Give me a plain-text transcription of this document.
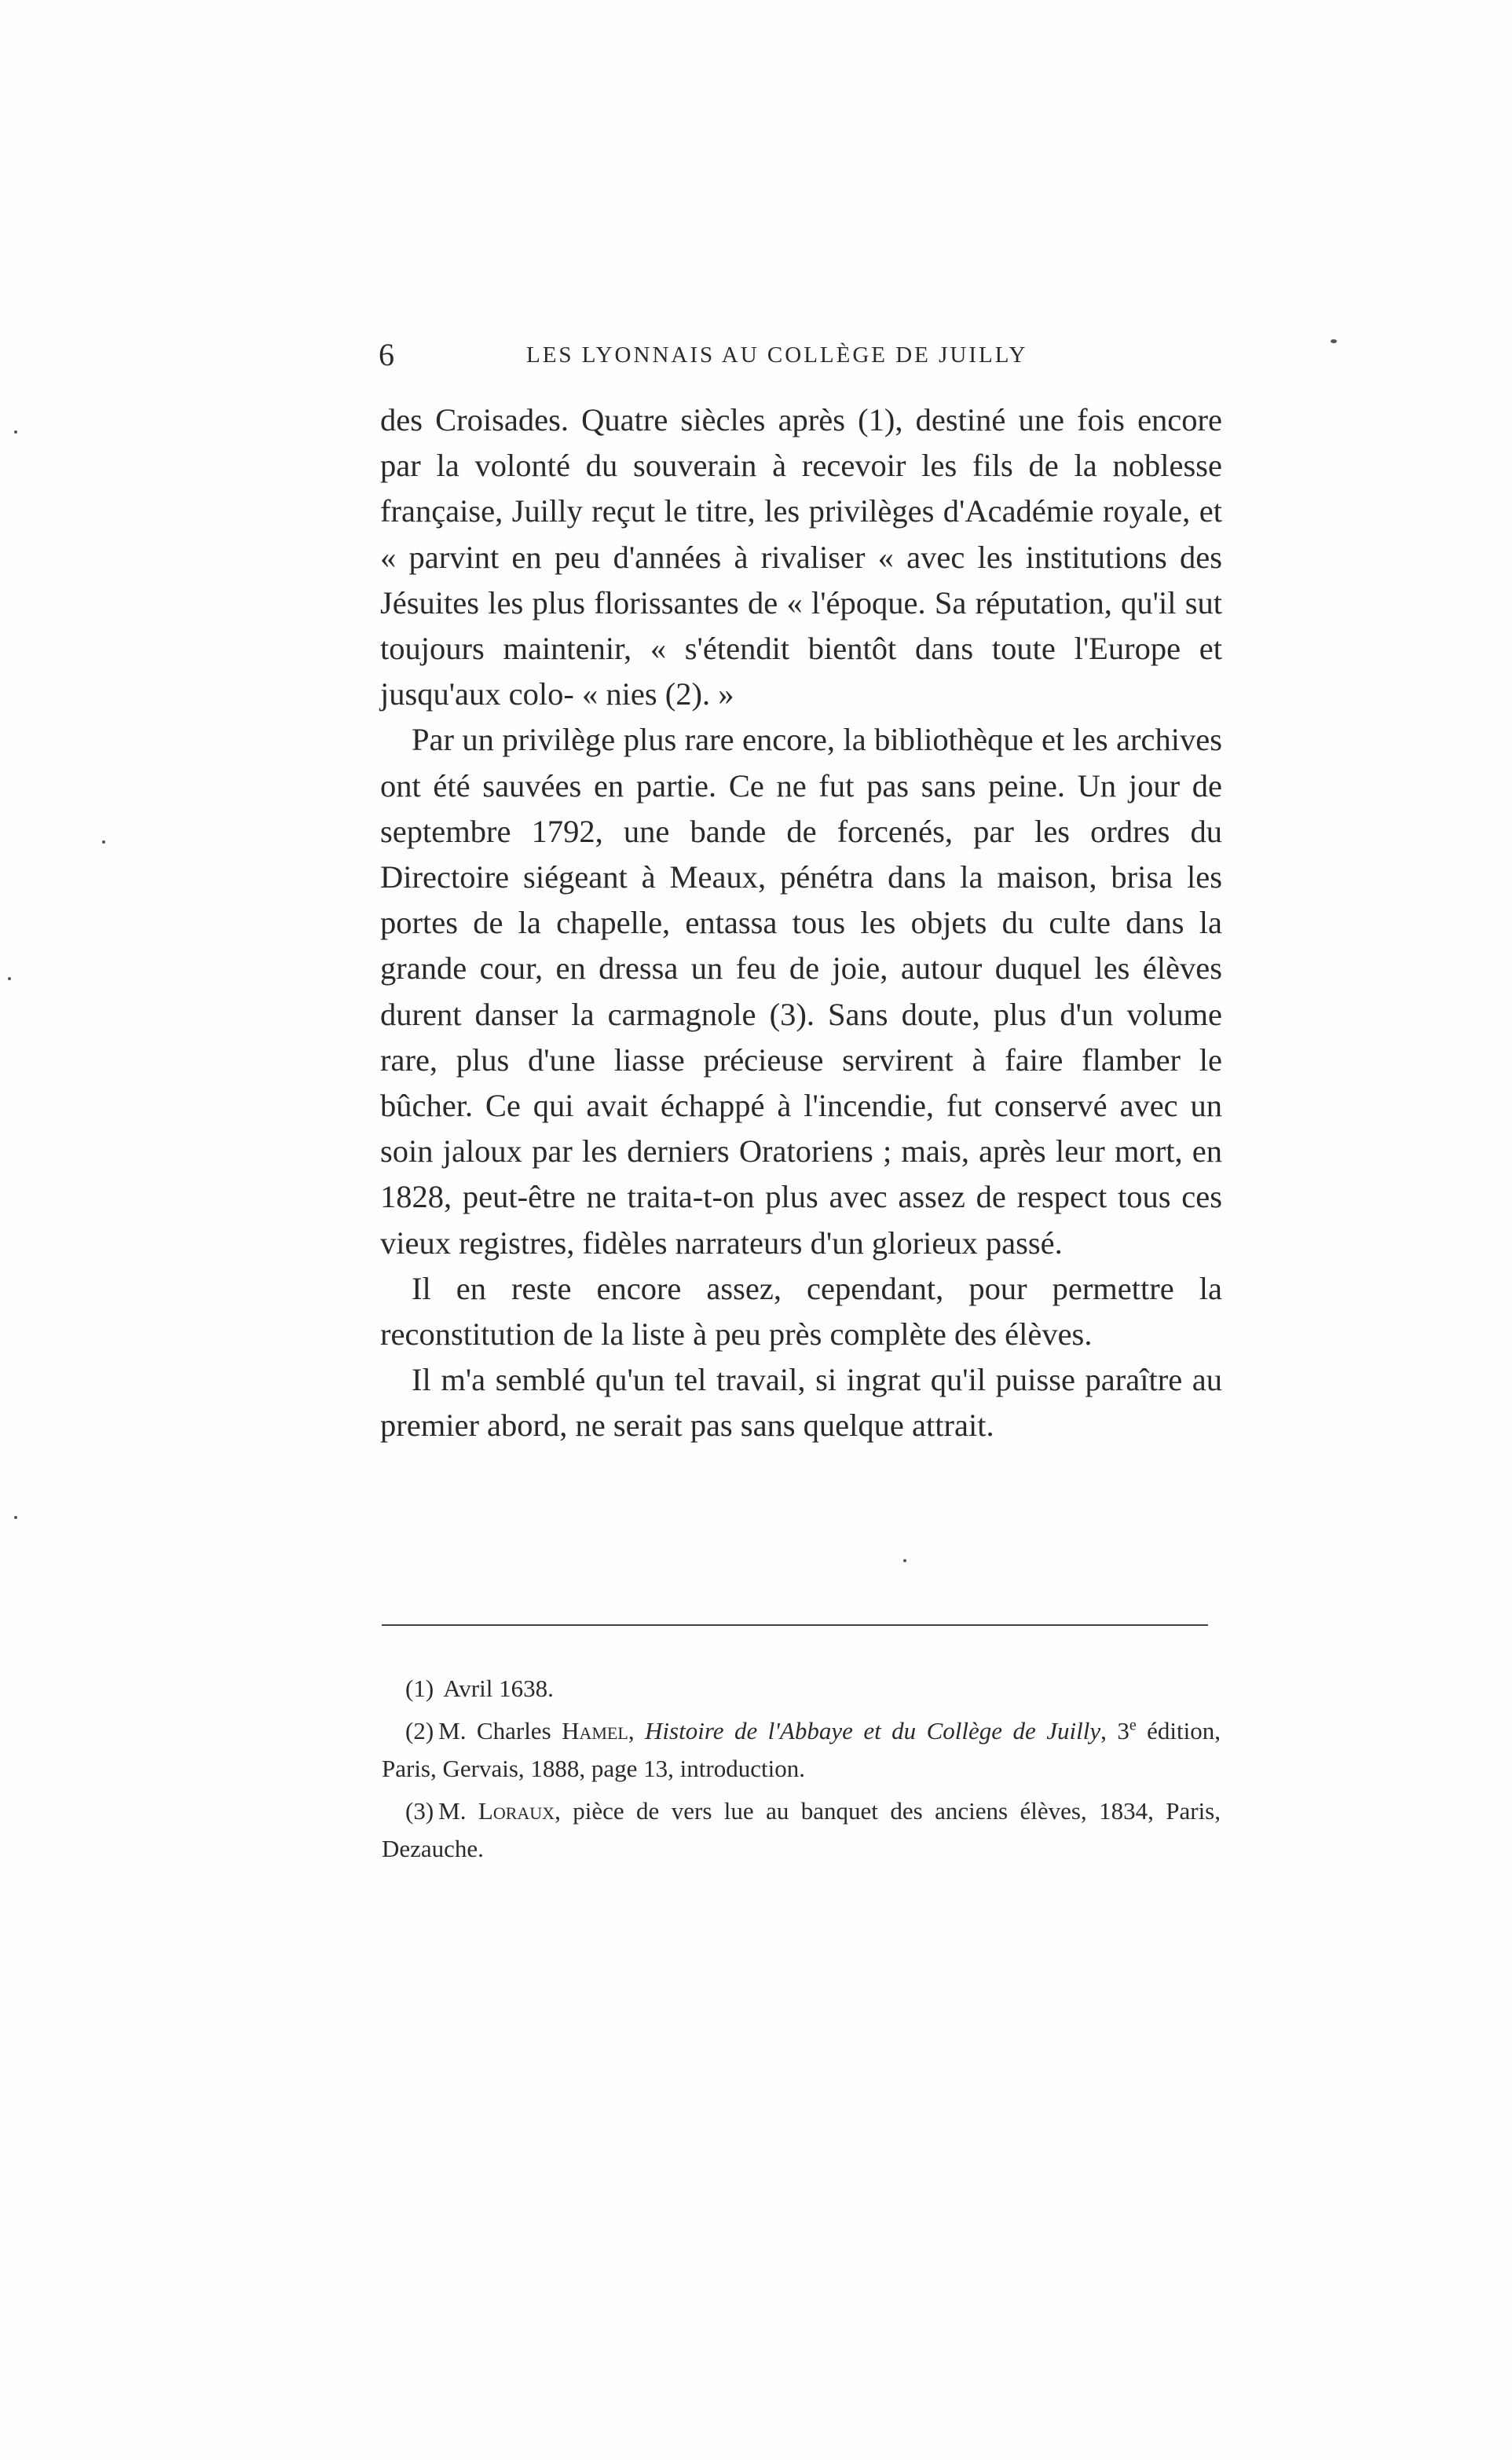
6	LES LYONNAIS AU COLLÈGE DE JUILLY

des Croisades. Quatre siècles après (1), destiné une fois encore par la volonté du souverain à recevoir les fils de la noblesse française, Juilly reçut le titre, les privilèges d'Académie royale, et « parvint en peu d'années à rivaliser « avec les institutions des Jésuites les plus florissantes de « l'époque. Sa réputation, qu'il sut toujours maintenir, « s'étendit bientôt dans toute l'Europe et jusqu'aux colo- « nies (2). »

Par un privilège plus rare encore, la bibliothèque et les archives ont été sauvées en partie. Ce ne fut pas sans peine. Un jour de septembre 1792, une bande de forcenés, par les ordres du Directoire siégeant à Meaux, pénétra dans la maison, brisa les portes de la chapelle, entassa tous les objets du culte dans la grande cour, en dressa un feu de joie, autour duquel les élèves durent danser la carmagnole (3). Sans doute, plus d'un volume rare, plus d'une liasse précieuse servirent à faire flamber le bûcher. Ce qui avait échappé à l'incendie, fut conservé avec un soin jaloux par les derniers Oratoriens ; mais, après leur mort, en 1828, peut-être ne traita-t-on plus avec assez de respect tous ces vieux registres, fidèles narrateurs d'un glorieux passé.

Il en reste encore assez, cependant, pour permettre la reconstitution de la liste à peu près complète des élèves.

Il m'a semblé qu'un tel travail, si ingrat qu'il puisse paraître au premier abord, ne serait pas sans quelque attrait.

(1) Avril 1638.

(2) M. Charles Hamel, Histoire de l'Abbaye et du Collège de Juilly, 3e édition, Paris, Gervais, 1888, page 13, introduction.

(3) M. Loraux, pièce de vers lue au banquet des anciens élèves, 1834, Paris, Dezauche.
